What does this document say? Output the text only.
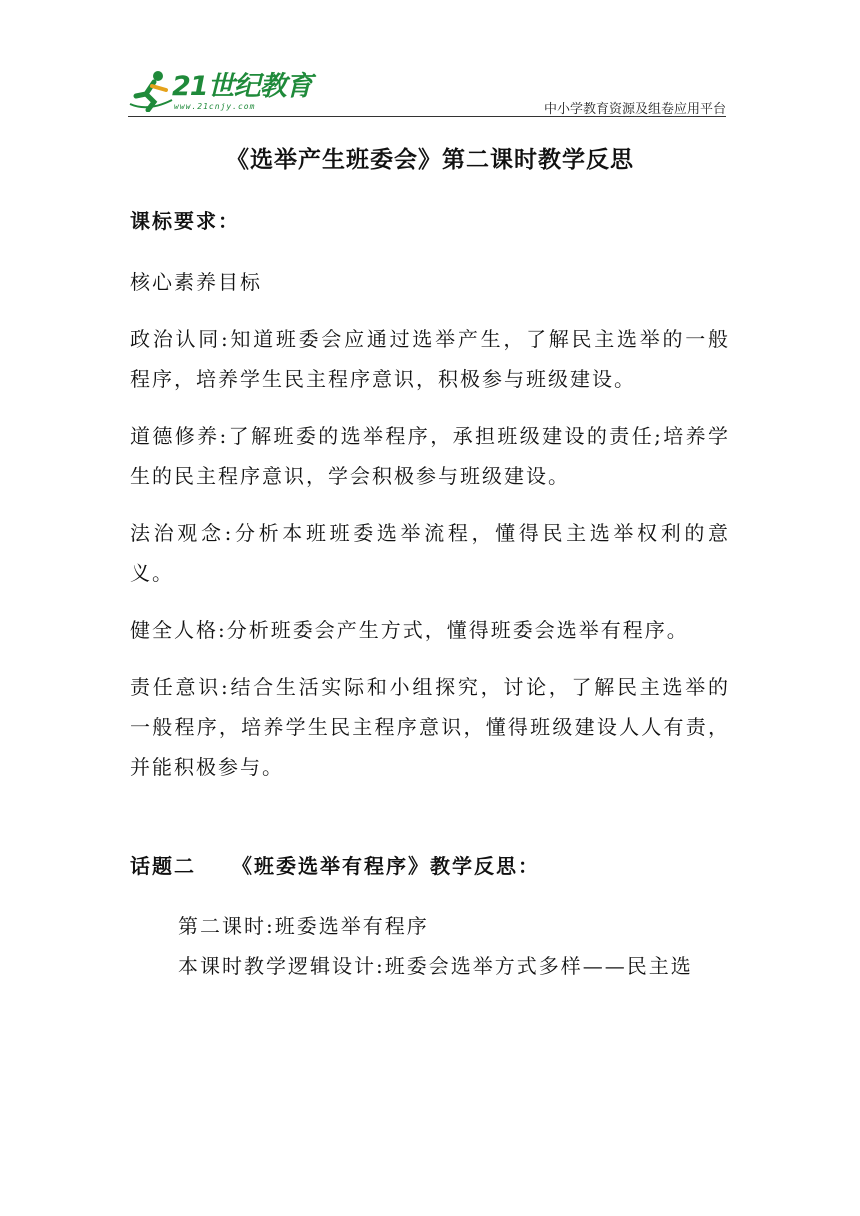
21世纪教育
www.21cnjy.com	中小学教育资源及组卷应用平台
《选举产生班委会》第二课时教学反思
课标要求：
核心素养目标

政治认同:知道班委会应通过选举产生，了解民主选举的一般程序，培养学生民主程序意识，积极参与班级建设。

道德修养:了解班委的选举程序，承担班级建设的责任;培养学生的民主程序意识，学会积极参与班级建设。

法治观念:分析本班班委选举流程，懂得民主选举权利的意义。

健全人格:分析班委会产生方式，懂得班委会选举有程序。

责任意识:结合生活实际和小组探究，讨论，了解民主选举的一般程序，培养学生民主程序意识，懂得班级建设人人有责，并能积极参与。

话题二 《班委选举有程序》教学反思：

第二课时:班委选举有程序

本课时教学逻辑设计:班委会选举方式多样——民主选
